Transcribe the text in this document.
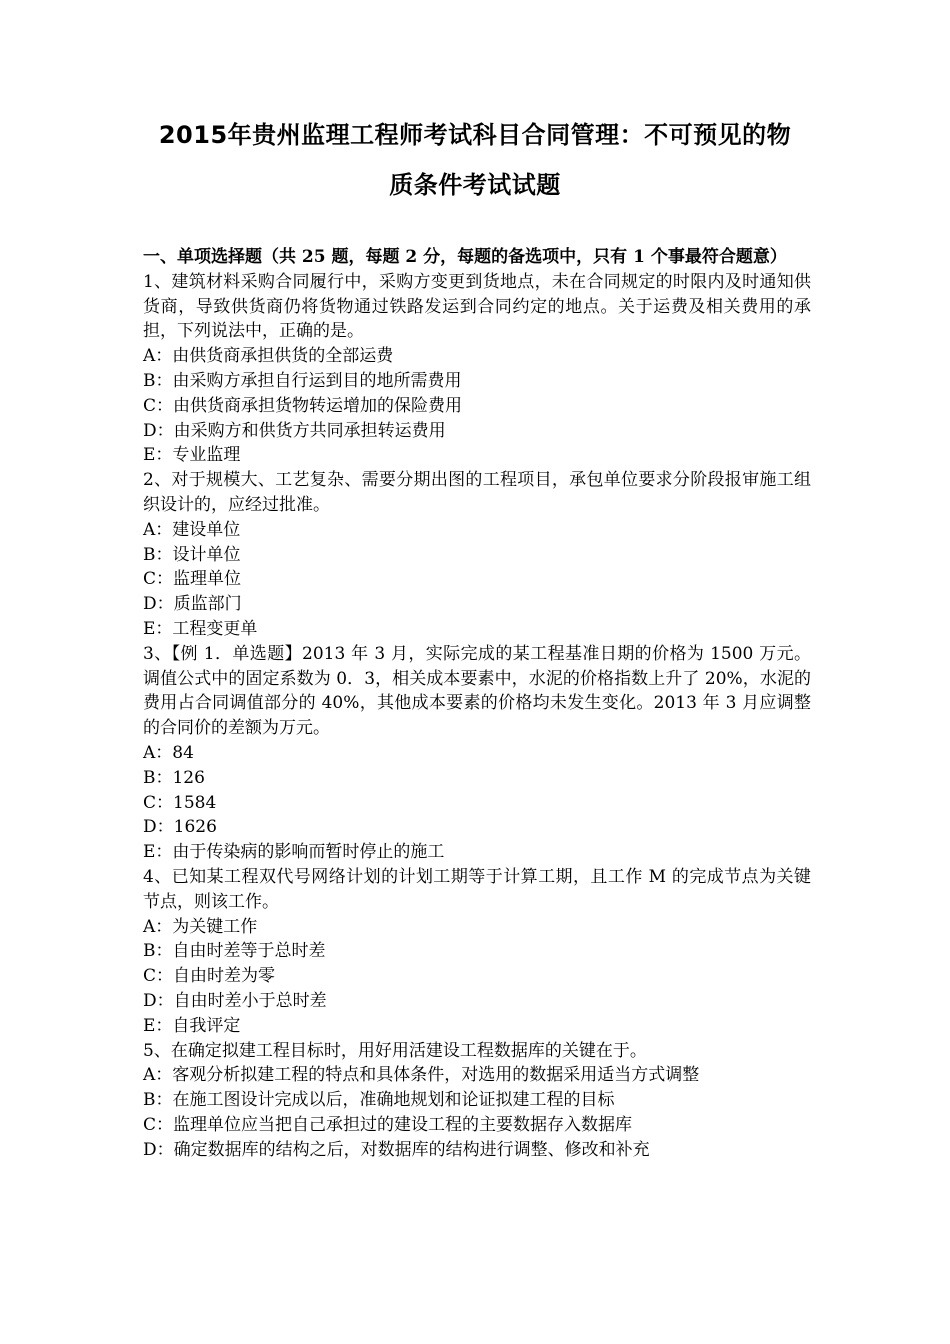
2015年贵州监理工程师考试科目合同管理：不可预见的物
质条件考试试题
一、单项选择题（共 25 题，每题 2 分，每题的备选项中，只有 1 个事最符合题意）
1、建筑材料采购合同履行中，采购方变更到货地点，未在合同规定的时限内及时通知供货商，导致供货商仍将货物通过铁路发运到合同约定的地点。关于运费及相关费用的承担，下列说法中，正确的是。
A：由供货商承担供货的全部运费
B：由采购方承担自行运到目的地所需费用
C：由供货商承担货物转运增加的保险费用
D：由采购方和供货方共同承担转运费用
E：专业监理
2、对于规模大、工艺复杂、需要分期出图的工程项目，承包单位要求分阶段报审施工组织设计的，应经过批准。
A：建设单位
B：设计单位
C：监理单位
D：质监部门
E：工程变更单
3、【例 1．单选题】2013 年 3 月，实际完成的某工程基准日期的价格为 1500 万元。调值公式中的固定系数为 0．3，相关成本要素中，水泥的价格指数上升了 20%，水泥的费用占合同调值部分的 40%，其他成本要素的价格均未发生变化。2013 年 3 月应调整的合同价的差额为万元。
A：84
B：126
C：1584
D：1626
E：由于传染病的影响而暂时停止的施工
4、已知某工程双代号网络计划的计划工期等于计算工期，且工作 M 的完成节点为关键节点，则该工作。
A：为关键工作
B：自由时差等于总时差
C：自由时差为零
D：自由时差小于总时差
E：自我评定
5、在确定拟建工程目标时，用好用活建设工程数据库的关键在于。
A：客观分析拟建工程的特点和具体条件，对选用的数据采用适当方式调整
B：在施工图设计完成以后，准确地规划和论证拟建工程的目标
C：监理单位应当把自己承担过的建设工程的主要数据存入数据库
D：确定数据库的结构之后，对数据库的结构进行调整、修改和补充
